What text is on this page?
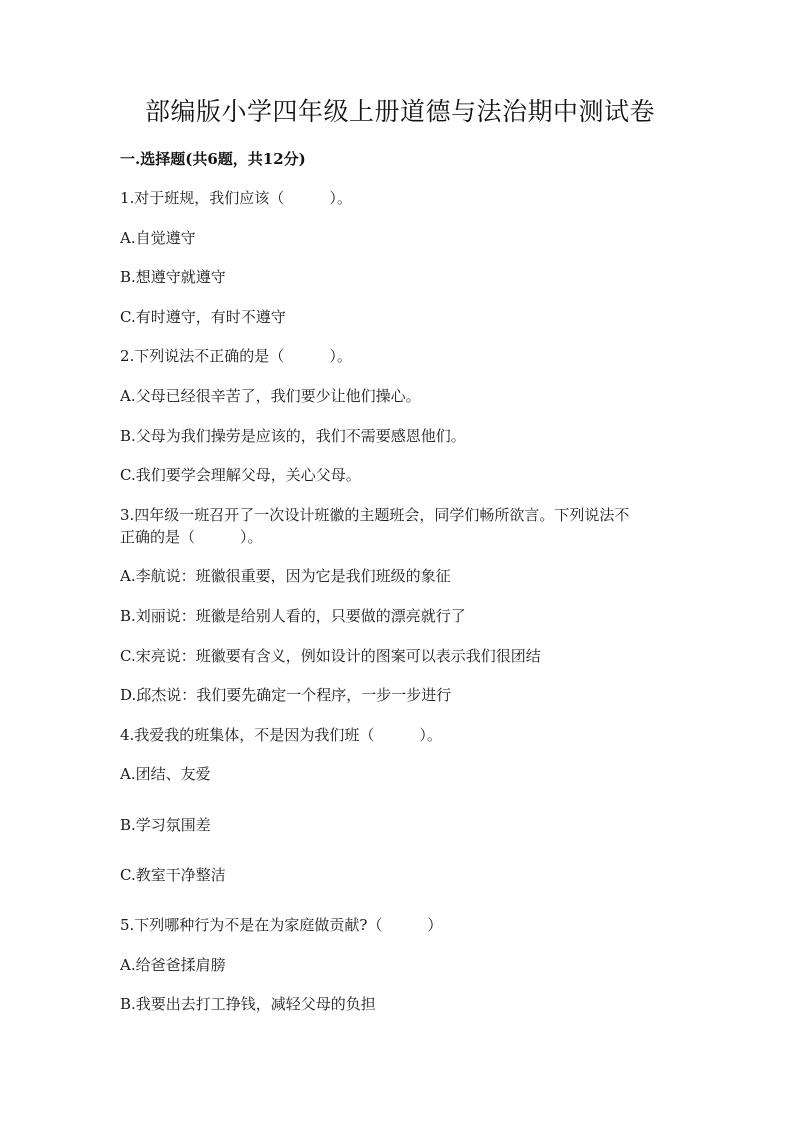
部编版小学四年级上册道德与法治期中测试卷
一.选择题(共6题，共12分)
1.对于班规，我们应该（　　　）。
A.自觉遵守
B.想遵守就遵守
C.有时遵守，有时不遵守
2.下列说法不正确的是（　　　）。
A.父母已经很辛苦了，我们要少让他们操心。
B.父母为我们操劳是应该的，我们不需要感恩他们。
C.我们要学会理解父母，关心父母。
3.四年级一班召开了一次设计班徽的主题班会，同学们畅所欲言。下列说法不
正确的是（　　　）。
A.李航说：班徽很重要，因为它是我们班级的象征
B.刘丽说：班徽是给别人看的，只要做的漂亮就行了
C.宋亮说：班徽要有含义，例如设计的图案可以表示我们很团结
D.邱杰说：我们要先确定一个程序，一步一步进行
4.我爱我的班集体，不是因为我们班（　　　）。
A.团结、友爱
B.学习氛围差
C.教室干净整洁
5.下列哪种行为不是在为家庭做贡献?（　　　）
A.给爸爸揉肩膀
B.我要出去打工挣钱，减轻父母的负担
